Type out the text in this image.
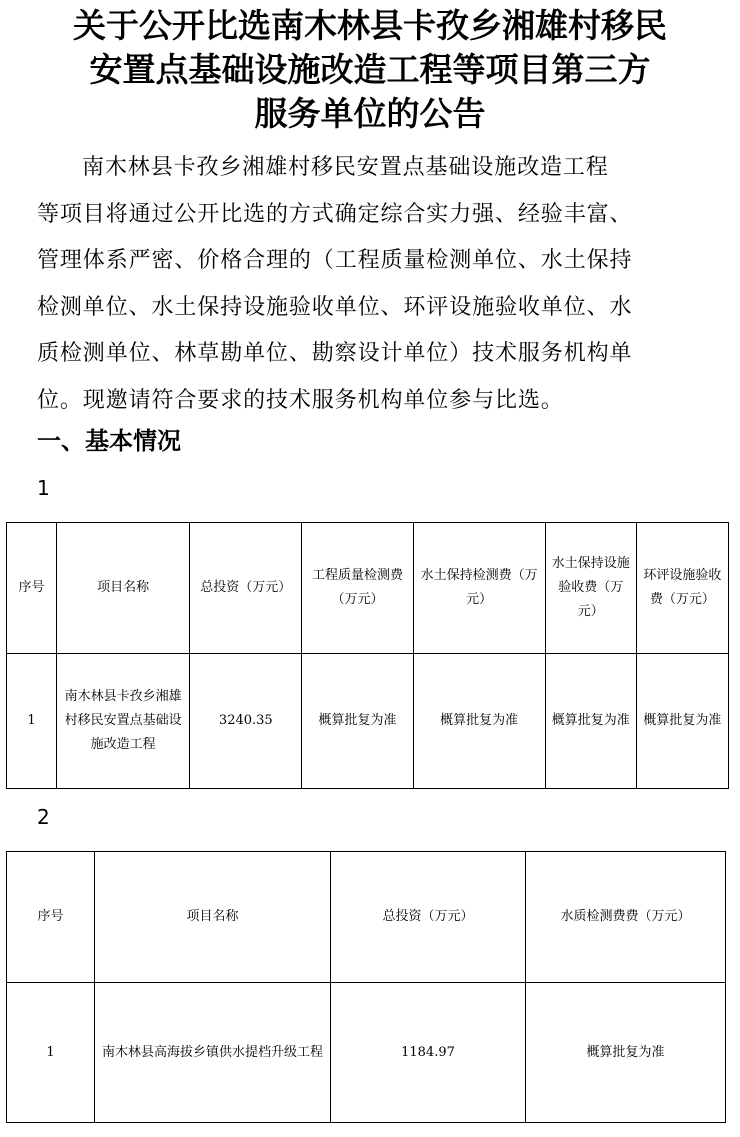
关于公开比选南木林县卡孜乡湘雄村移民
安置点基础设施改造工程等项目第三方
服务单位的公告

南木林县卡孜乡湘雄村移民安置点基础设施改造工程
等项目将通过公开比选的方式确定综合实力强、经验丰富、
管理体系严密、价格合理的（工程质量检测单位、水土保持
检测单位、水土保持设施验收单位、环评设施验收单位、水
质检测单位、林草勘单位、勘察设计单位）技术服务机构单
位。现邀请符合要求的技术服务机构单位参与比选。

一、基本情况
1
序号	项目名称	总投资（万元）	工程质量检测费（万元）	水土保持检测费（万元）	水土保持设施验收费（万元）	环评设施验收费（万元）
1	南木林县卡孜乡湘雄村移民安置点基础设施改造工程	3240.35	概算批复为准	概算批复为准	概算批复为准	概算批复为准
2
序号	项目名称	总投资（万元）	水质检测费费（万元）
1	南木林县高海拔乡镇供水提档升级工程	1184.97	概算批复为准
